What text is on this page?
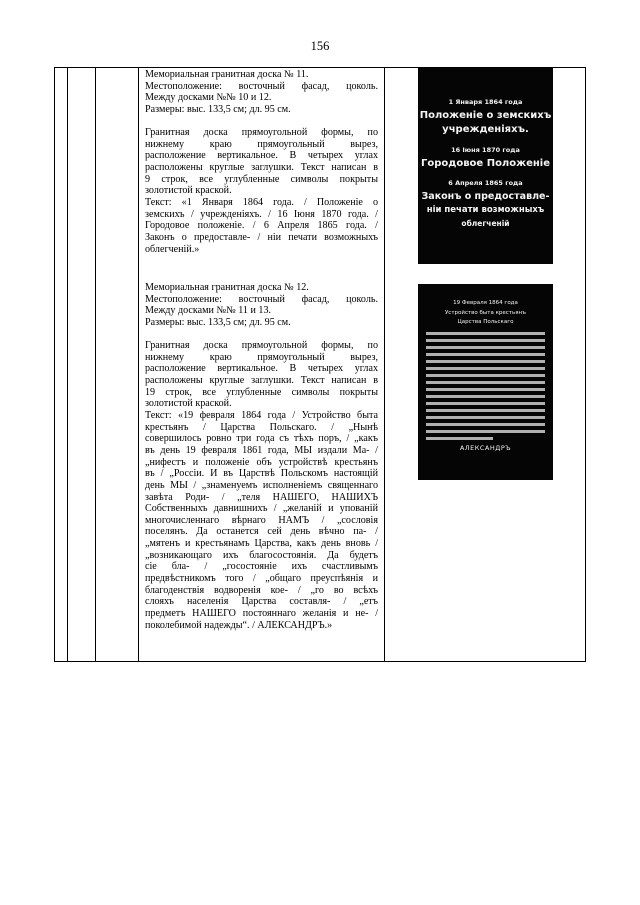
156
Мемориальная гранитная доска № 11.
Местоположение: восточный фасад, цоколь.
Между досками №№ 10 и 12.
Размеры: выс. 133,5 см; дл. 95 см.
Гранитная доска прямоугольной формы, по
нижнему краю прямоугольный вырез,
расположение вертикальное. В четырех углах
расположены круглые заглушки. Текст написан в
9 строк, все углубленные символы покрыты
золотистой краской.
Текст: «1 Января 1864 года. / Положеніе о
земскихъ / учрежденіяхъ. / 16 Іюня 1870 года. /
Городовое положеніе. / 6 Апреля 1865 года. /
Законъ о предоставле- / ніи печати возможныхъ
облегченій.»
Мемориальная гранитная доска № 12.
Местоположение: восточный фасад, цоколь.
Между досками №№ 11 и 13.
Размеры: выс. 133,5 см; дл. 95 см.
Гранитная доска прямоугольной формы, по
нижнему краю прямоугольный вырез,
расположение вертикальное. В четырех углах
расположены круглые заглушки. Текст написан в
19 строк, все углубленные символы покрыты
золотистой краской.
Текст: «19 февраля 1864 года / Устройство быта
крестьянъ / Царства Польскаго. / „Нынѣ
совершилось ровно три года съ тѣхъ поръ, / „какъ
въ день 19 февраля 1861 года, МЫ издали Ма- /
„нифестъ и положеніе объ устройствѣ крестьянъ
въ / „Россіи. И въ Царствѣ Польскомъ настоящій
день МЫ / „знаменуемъ исполненіемъ священнаго
завѣта Роди- / „теля НАШЕГО, НАШИХЪ
Собственныхъ давнишнихъ / „желаній и упованій
многочисленнаго вѣрнаго НАМЪ / „сословія
поселянъ. Да останется сей день вѣчно па- /
„мятенъ и крестьянамъ Царства, какъ день вновь /
„возникающаго ихъ благосостоянія. Да будетъ
сіе бла- / „госостояніе ихъ счастливымъ
предвѣстникомъ того / „общаго преуспѣянія и
благоденствія водворенія кое- / „го во всѣхъ
слояхъ населенія Царства составля- / „етъ
предметъ НАШЕГО постояннаго желанія и не- /
поколебимой надежды“. / АЛЕКСАНДРЪ.»
1 Января 1864 года
Положеніе о земскихъ
учрежденіяхъ.
16 Іюня 1870 года
Городовое Положеніе
6 Апреля 1865 года
Законъ о предоставле-
ніи печати возможныхъ
облегченій
19 Февраля 1864 года
Устройство быта крестьянъ
Царства Польскаго
АЛЕКСАНДРЪ
